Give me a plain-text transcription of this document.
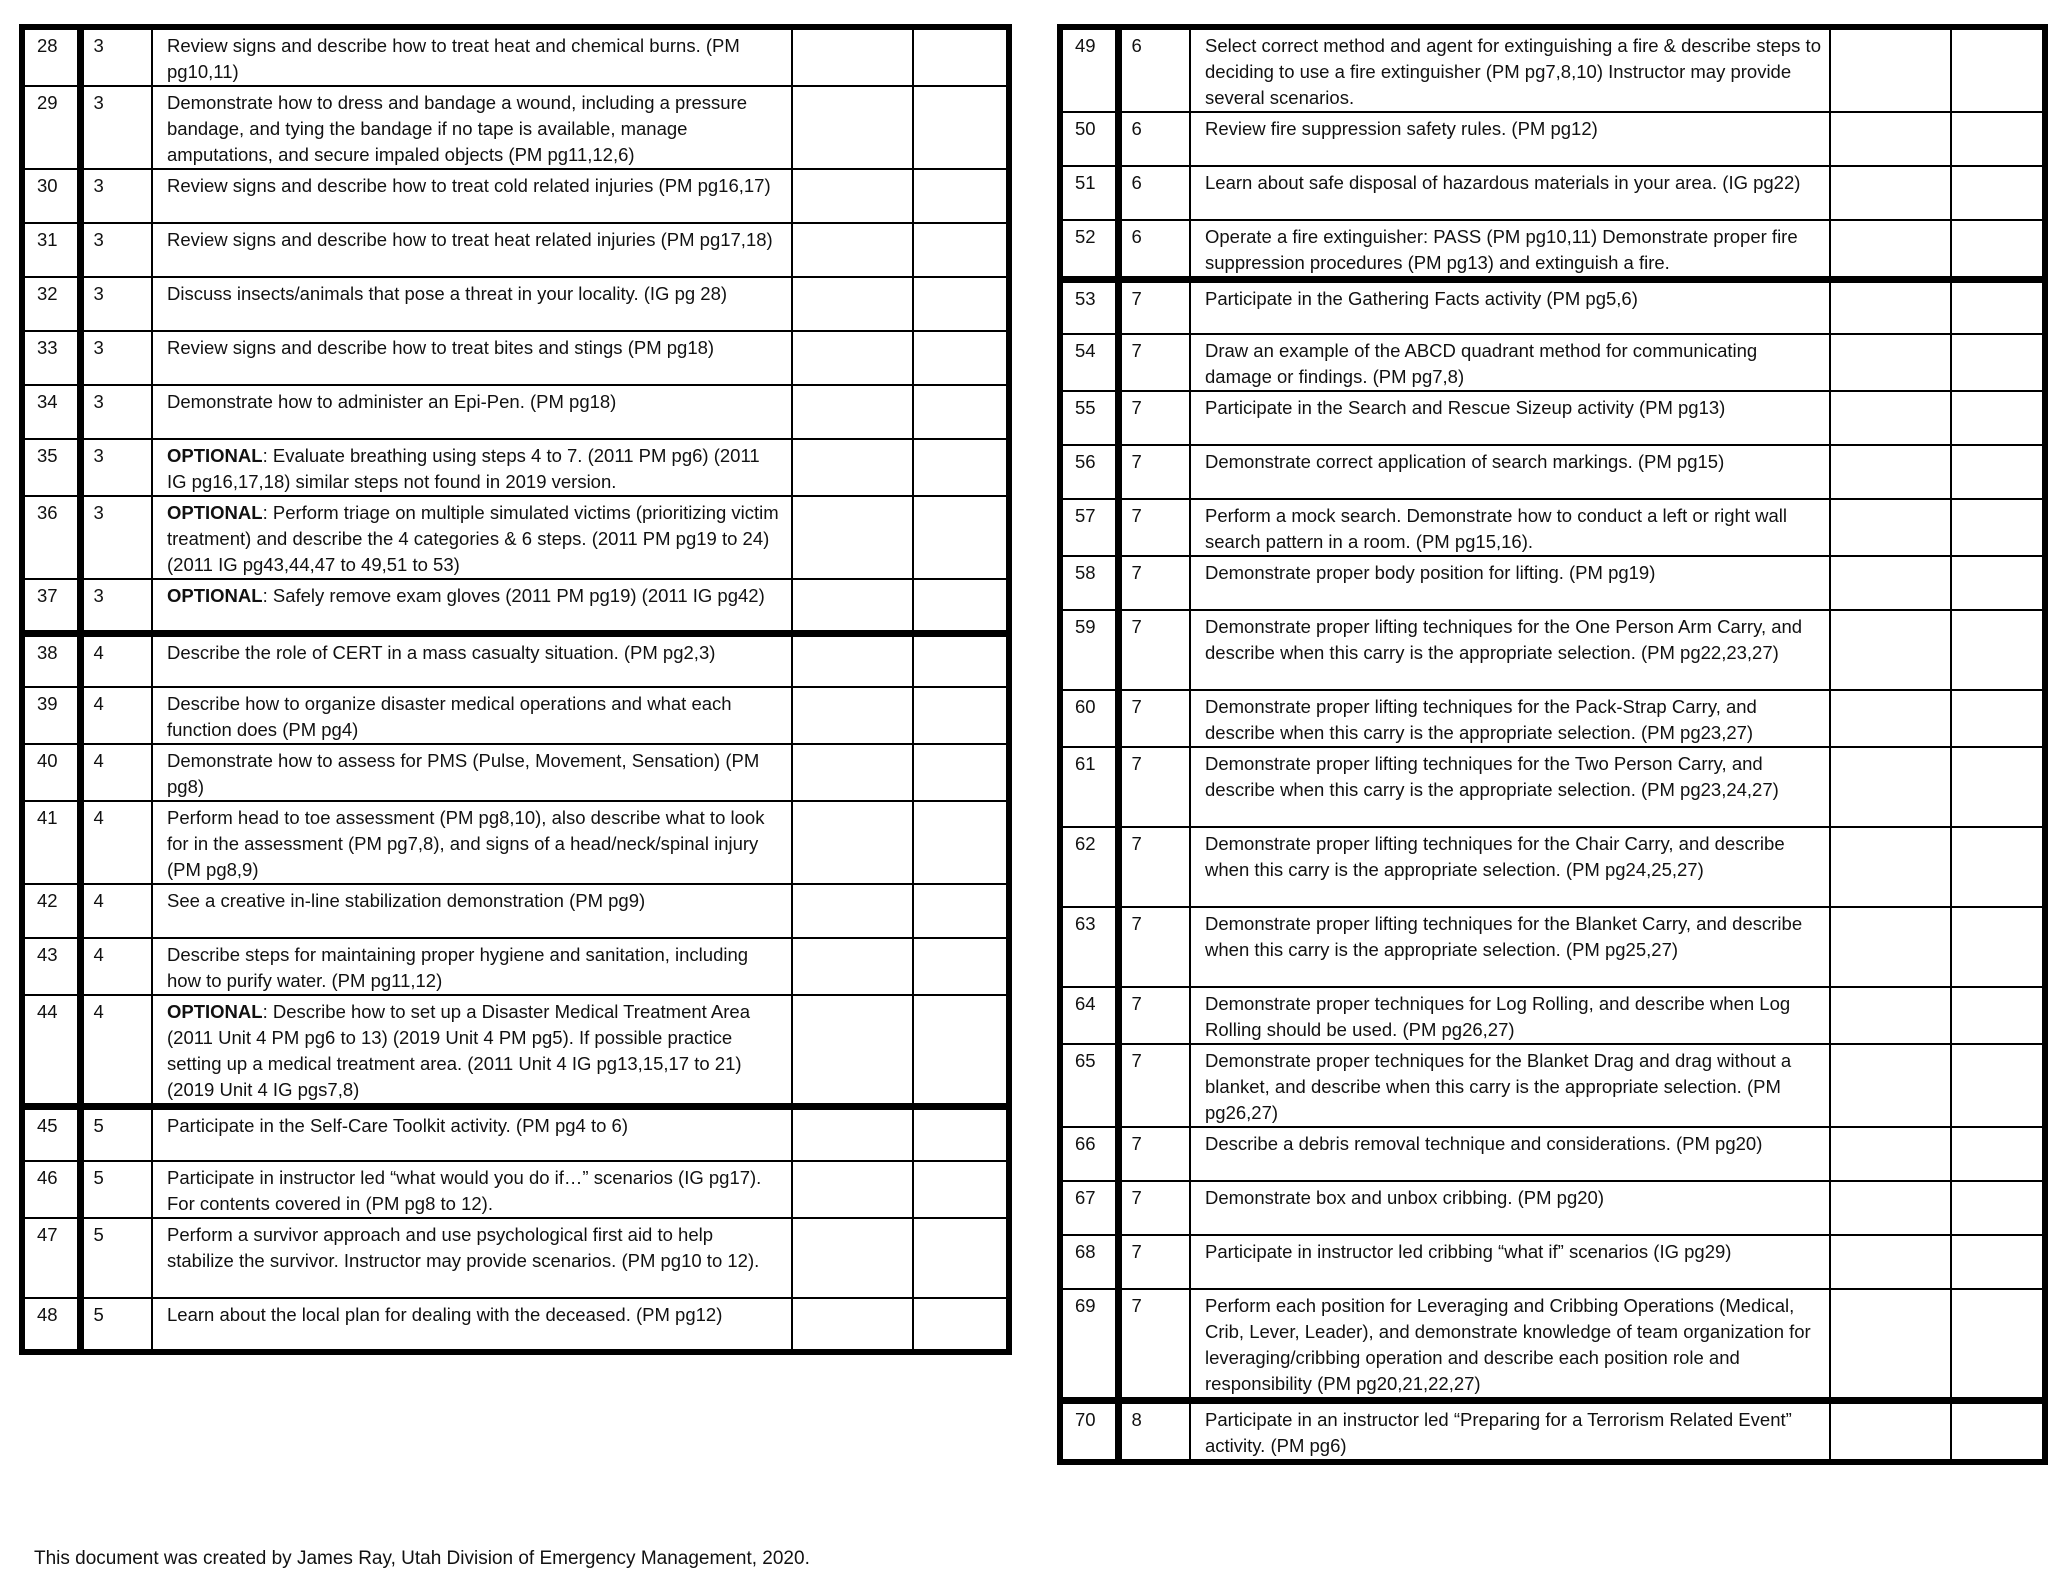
28	3	Review signs and describe how to treat heat and chemical burns. (PM pg10,11)		
29	3	Demonstrate how to dress and bandage a wound, including a pressure bandage, and tying the bandage if no tape is available, manage amputations, and secure impaled objects (PM pg11,12,6)		
30	3	Review signs and describe how to treat cold related injuries (PM pg16,17)		
31	3	Review signs and describe how to treat heat related injuries (PM pg17,18)		
32	3	Discuss insects/animals that pose a threat in your locality. (IG pg 28)		
33	3	Review signs and describe how to treat bites and stings (PM pg18)		
34	3	Demonstrate how to administer an Epi-Pen. (PM pg18)		
35	3	OPTIONAL: Evaluate breathing using steps 4 to 7. (2011 PM pg6) (2011 IG pg16,17,18) similar steps not found in 2019 version.		
36	3	OPTIONAL: Perform triage on multiple simulated victims (prioritizing victim treatment) and describe the 4 categories & 6 steps. (2011 PM pg19 to 24) (2011 IG pg43,44,47 to 49,51 to 53)		
37	3	OPTIONAL: Safely remove exam gloves (2011 PM pg19) (2011 IG pg42)		
38	4	Describe the role of CERT in a mass casualty situation. (PM pg2,3)		
39	4	Describe how to organize disaster medical operations and what each function does (PM pg4)		
40	4	Demonstrate how to assess for PMS (Pulse, Movement, Sensation) (PM pg8)		
41	4	Perform head to toe assessment (PM pg8,10), also describe what to look for in the assessment (PM pg7,8), and signs of a head/neck/spinal injury (PM pg8,9)		
42	4	See a creative in-line stabilization demonstration (PM pg9)		
43	4	Describe steps for maintaining proper hygiene and sanitation, including how to purify water. (PM pg11,12)		
44	4	OPTIONAL: Describe how to set up a Disaster Medical Treatment Area (2011 Unit 4 PM pg6 to 13) (2019 Unit 4 PM pg5). If possible practice setting up a medical treatment area. (2011 Unit 4 IG pg13,15,17 to 21) (2019 Unit 4 IG pgs7,8)		
45	5	Participate in the Self-Care Toolkit activity. (PM pg4 to 6)		
46	5	Participate in instructor led “what would you do if…” scenarios (IG pg17). For contents covered in (PM pg8 to 12).		
47	5	Perform a survivor approach and use psychological first aid to help stabilize the survivor. Instructor may provide scenarios. (PM pg10 to 12).		
48	5	Learn about the local plan for dealing with the deceased. (PM pg12)		
49	6	Select correct method and agent for extinguishing a fire & describe steps to deciding to use a fire extinguisher (PM pg7,8,10) Instructor may provide several scenarios.		
50	6	Review fire suppression safety rules. (PM pg12)		
51	6	Learn about safe disposal of hazardous materials in your area. (IG pg22)		
52	6	Operate a fire extinguisher: PASS (PM pg10,11) Demonstrate proper fire suppression procedures (PM pg13) and extinguish a fire.		
53	7	Participate in the Gathering Facts activity (PM pg5,6)		
54	7	Draw an example of the ABCD quadrant method for communicating damage or findings. (PM pg7,8)		
55	7	Participate in the Search and Rescue Sizeup activity (PM pg13)		
56	7	Demonstrate correct application of search markings. (PM pg15)		
57	7	Perform a mock search. Demonstrate how to conduct a left or right wall search pattern in a room. (PM pg15,16).		
58	7	Demonstrate proper body position for lifting. (PM pg19)		
59	7	Demonstrate proper lifting techniques for the One Person Arm Carry, and describe when this carry is the appropriate selection. (PM pg22,23,27)		
60	7	Demonstrate proper lifting techniques for the Pack-Strap Carry, and describe when this carry is the appropriate selection. (PM pg23,27)		
61	7	Demonstrate proper lifting techniques for the Two Person Carry, and describe when this carry is the appropriate selection. (PM pg23,24,27)		
62	7	Demonstrate proper lifting techniques for the Chair Carry, and describe when this carry is the appropriate selection. (PM pg24,25,27)		
63	7	Demonstrate proper lifting techniques for the Blanket Carry, and describe when this carry is the appropriate selection. (PM pg25,27)		
64	7	Demonstrate proper techniques for Log Rolling, and describe when Log Rolling should be used. (PM pg26,27)		
65	7	Demonstrate proper techniques for the Blanket Drag and drag without a blanket, and describe when this carry is the appropriate selection. (PM pg26,27)		
66	7	Describe a debris removal technique and considerations. (PM pg20)		
67	7	Demonstrate box and unbox cribbing. (PM pg20)		
68	7	Participate in instructor led cribbing “what if” scenarios (IG pg29)		
69	7	Perform each position for Leveraging and Cribbing Operations (Medical, Crib, Lever, Leader), and demonstrate knowledge of team organization for leveraging/cribbing operation and describe each position role and responsibility (PM pg20,21,22,27)		
70	8	Participate in an instructor led “Preparing for a Terrorism Related Event” activity. (PM pg6)		
This document was created by James Ray, Utah Division of Emergency Management, 2020.
